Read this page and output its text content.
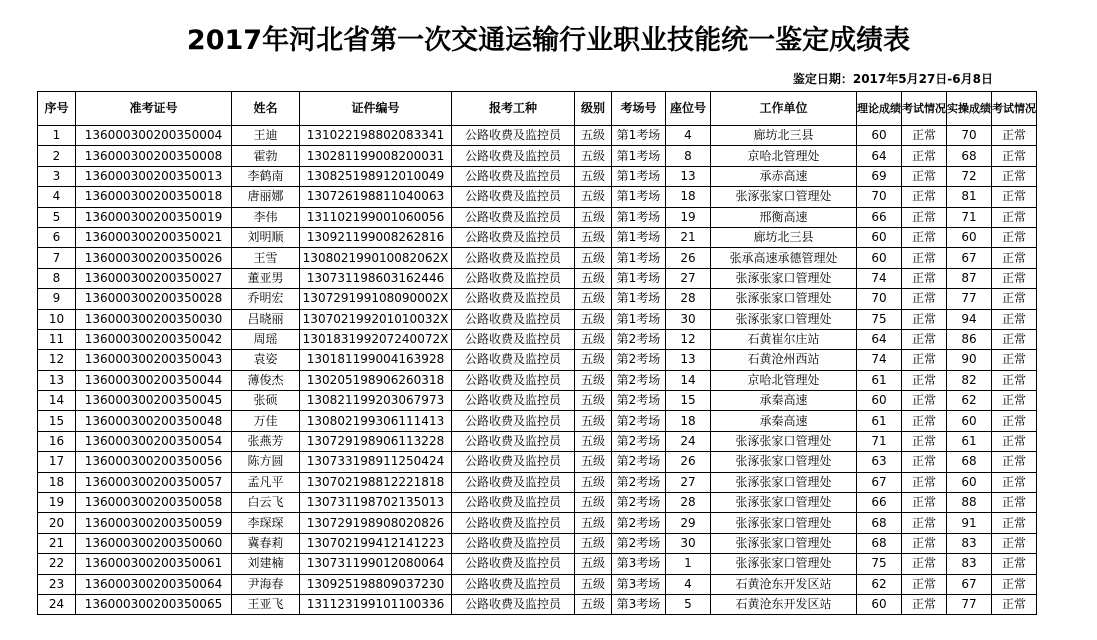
2017年河北省第一次交通运输行业职业技能统一鉴定成绩表
鉴定日期：2017年5月27日-6月8日
序号	准考证号	姓名	证件编号	报考工种	级别	考场号	座位号	工作单位	理论成绩	考试情况	实操成绩	考试情况
1	136000300200350004	王迪	131022198802083341	公路收费及监控员	五级	第1考场	4	廊坊北三县	60	正常	70	正常
2	136000300200350008	霍勃	130281199008200031	公路收费及监控员	五级	第1考场	8	京哈北管理处	64	正常	68	正常
3	136000300200350013	李鹤南	130825198912010049	公路收费及监控员	五级	第1考场	13	承赤高速	69	正常	72	正常
4	136000300200350018	唐丽娜	130726198811040063	公路收费及监控员	五级	第1考场	18	张涿张家口管理处	70	正常	81	正常
5	136000300200350019	李伟	131102199001060056	公路收费及监控员	五级	第1考场	19	邢衡高速	66	正常	71	正常
6	136000300200350021	刘明顺	130921199008262816	公路收费及监控员	五级	第1考场	21	廊坊北三县	60	正常	60	正常
7	136000300200350026	王雪	130802199010082062X	公路收费及监控员	五级	第1考场	26	张承高速承德管理处	60	正常	67	正常
8	136000300200350027	董亚男	130731198603162446	公路收费及监控员	五级	第1考场	27	张涿张家口管理处	74	正常	87	正常
9	136000300200350028	乔明宏	130729199108090002X	公路收费及监控员	五级	第1考场	28	张涿张家口管理处	70	正常	77	正常
10	136000300200350030	吕晓丽	130702199201010032X	公路收费及监控员	五级	第1考场	30	张涿张家口管理处	75	正常	94	正常
11	136000300200350042	周瑶	130183199207240072X	公路收费及监控员	五级	第2考场	12	石黄崔尔庄站	64	正常	86	正常
12	136000300200350043	袁姿	130181199004163928	公路收费及监控员	五级	第2考场	13	石黄沧州西站	74	正常	90	正常
13	136000300200350044	薄俊杰	130205198906260318	公路收费及监控员	五级	第2考场	14	京哈北管理处	61	正常	82	正常
14	136000300200350045	张硕	130821199203067973	公路收费及监控员	五级	第2考场	15	承秦高速	60	正常	62	正常
15	136000300200350048	万佳	130802199306111413	公路收费及监控员	五级	第2考场	18	承秦高速	61	正常	60	正常
16	136000300200350054	张燕芳	130729198906113228	公路收费及监控员	五级	第2考场	24	张涿张家口管理处	71	正常	61	正常
17	136000300200350056	陈方圆	130733198911250424	公路收费及监控员	五级	第2考场	26	张涿张家口管理处	63	正常	68	正常
18	136000300200350057	孟凡平	130702198812221818	公路收费及监控员	五级	第2考场	27	张涿张家口管理处	67	正常	60	正常
19	136000300200350058	白云飞	130731198702135013	公路收费及监控员	五级	第2考场	28	张涿张家口管理处	66	正常	88	正常
20	136000300200350059	李琛琛	130729198908020826	公路收费及监控员	五级	第2考场	29	张涿张家口管理处	68	正常	91	正常
21	136000300200350060	冀春莉	130702199412141223	公路收费及监控员	五级	第2考场	30	张涿张家口管理处	68	正常	83	正常
22	136000300200350061	刘建楠	130731199012080064	公路收费及监控员	五级	第3考场	1	张涿张家口管理处	75	正常	83	正常
23	136000300200350064	尹海春	130925198809037230	公路收费及监控员	五级	第3考场	4	石黄沧东开发区站	62	正常	67	正常
24	136000300200350065	王亚飞	131123199101100336	公路收费及监控员	五级	第3考场	5	石黄沧东开发区站	60	正常	77	正常
